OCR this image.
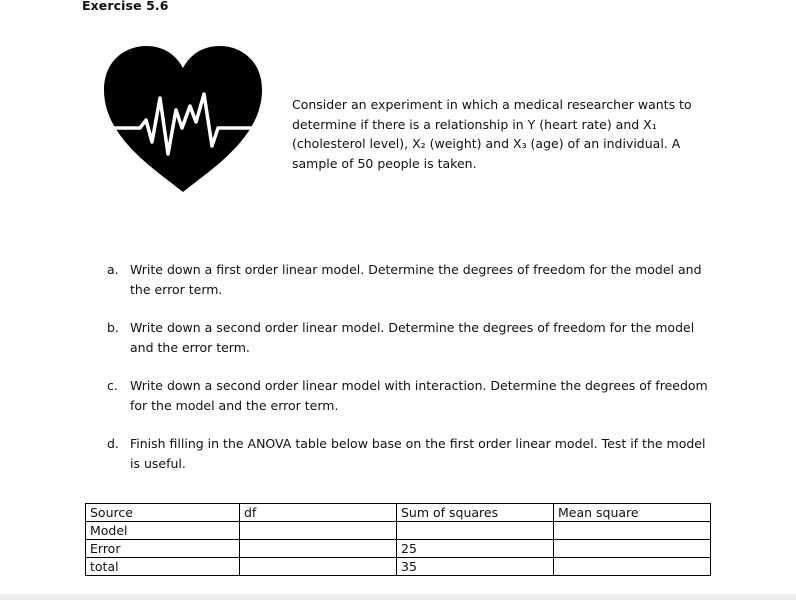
Exercise 5.6
Consider an experiment in which a medical researcher wants to determine if there is a relationship in Y (heart rate) and X₁ (cholesterol level), X₂ (weight) and X₃ (age) of an individual. A sample of 50 people is taken.
a. Write down a first order linear model. Determine the degrees of freedom for the model and the error term.
b. Write down a second order linear model. Determine the degrees of freedom for the model and the error term.
c. Write down a second order linear model with interaction. Determine the degrees of freedom for the model and the error term.
d. Finish filling in the ANOVA table below base on the first order linear model. Test if the model is useful.
Source	df	Sum of squares	Mean square
Model			
Error		25	
total		35	
